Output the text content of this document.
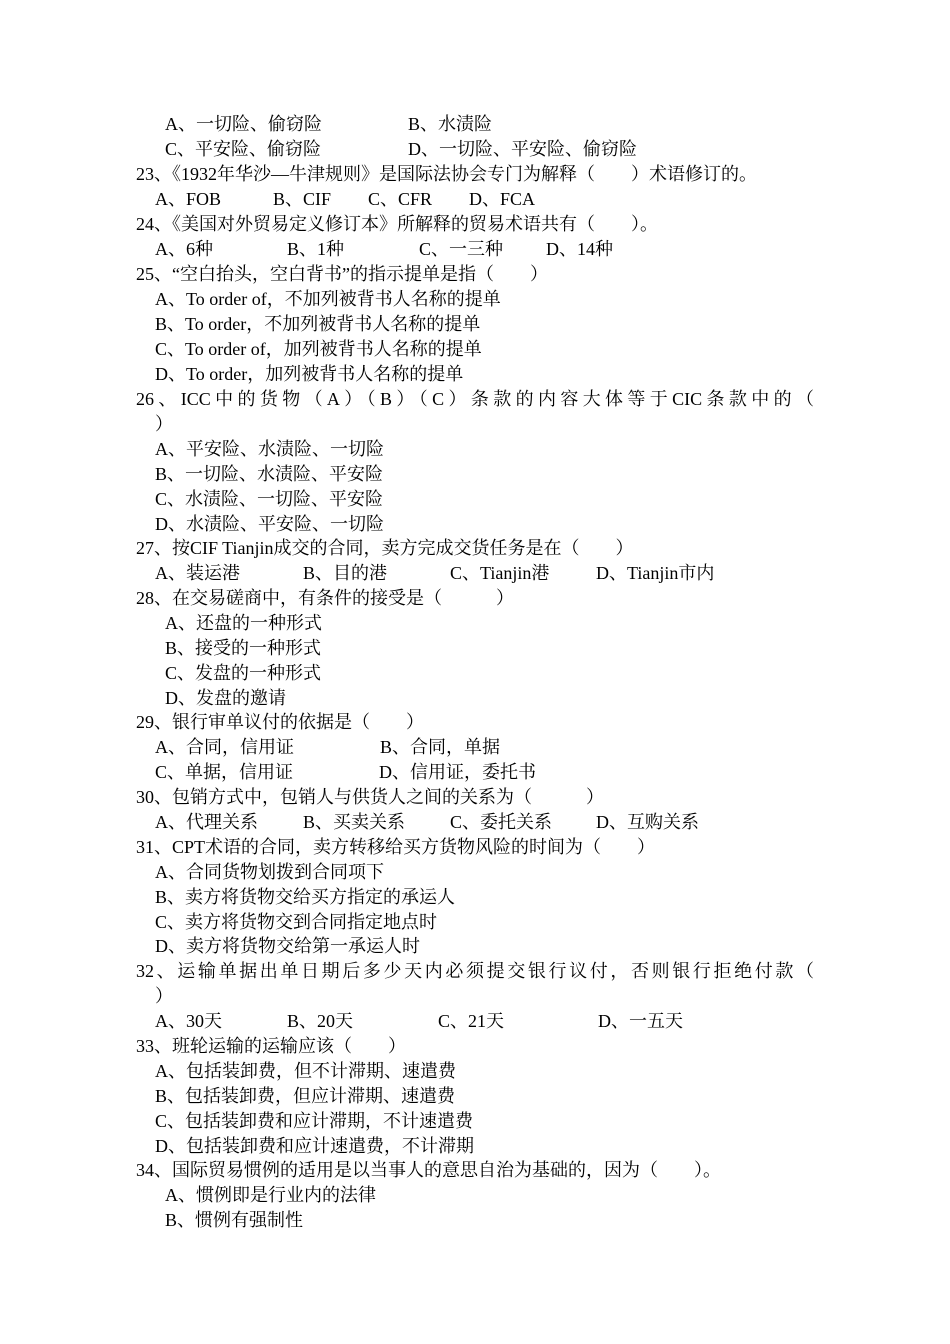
A、一切险、偷窃险	B、水渍险
C、平安险、偷窃险	D、一切险、平安险、偷窃险
23、《1932年华沙—牛津规则》是国际法协会专门为解释（　　）术语修订的。
A、FOB	B、CIF C、CFR D、FCA
24、《美国对外贸易定义修订本》所解释的贸易术语共有（　　）。
A、6种	B、1种	C、一三种 D、14种
25、“空白抬头，空白背书”的指示提单是指（　　）
A、To order of，不加列被背书人名称的提单
B、To order，不加列被背书人名称的提单
C、To order of，加列被背书人名称的提单
D、To order，加列被背书人名称的提单
26、ICC中的货物（A）（B）（C）条款的内容大体等于CIC条款中的（
）
A、平安险、水渍险、一切险
B、一切险、水渍险、平安险
C、水渍险、一切险、平安险
D、水渍险、平安险、一切险
27、按CIF Tianjin成交的合同，卖方完成交货任务是在（　　）
A、装运港	B、目的港	C、Tianjin港	D、Tianjin市内
28、在交易磋商中，有条件的接受是（　　　）
A、还盘的一种形式
B、接受的一种形式
C、发盘的一种形式
D、发盘的邀请
29、银行审单议付的依据是（　　）
A、合同，信用证	B、合同，单据
C、单据，信用证	D、信用证，委托书
30、包销方式中，包销人与供货人之间的关系为（　　　）
A、代理关系	B、买卖关系 C、委托关系 D、互购关系
31、CPT术语的合同，卖方转移给买方货物风险的时间为（　　）
A、合同货物划拨到合同项下
B、卖方将货物交给买方指定的承运人
C、卖方将货物交到合同指定地点时
D、卖方将货物交给第一承运人时
32、运输单据出单日期后多少天内必须提交银行议付，否则银行拒绝付款（
）
A、30天	B、20天	C、21天	D、一五天
33、班轮运输的运输应该（　　）
A、包括装卸费，但不计滞期、速遣费
B、包括装卸费，但应计滞期、速遣费
C、包括装卸费和应计滞期，不计速遣费
D、包括装卸费和应计速遣费，不计滞期
34、国际贸易惯例的适用是以当事人的意思自治为基础的，因为（　　）。
A、惯例即是行业内的法律
B、惯例有强制性
